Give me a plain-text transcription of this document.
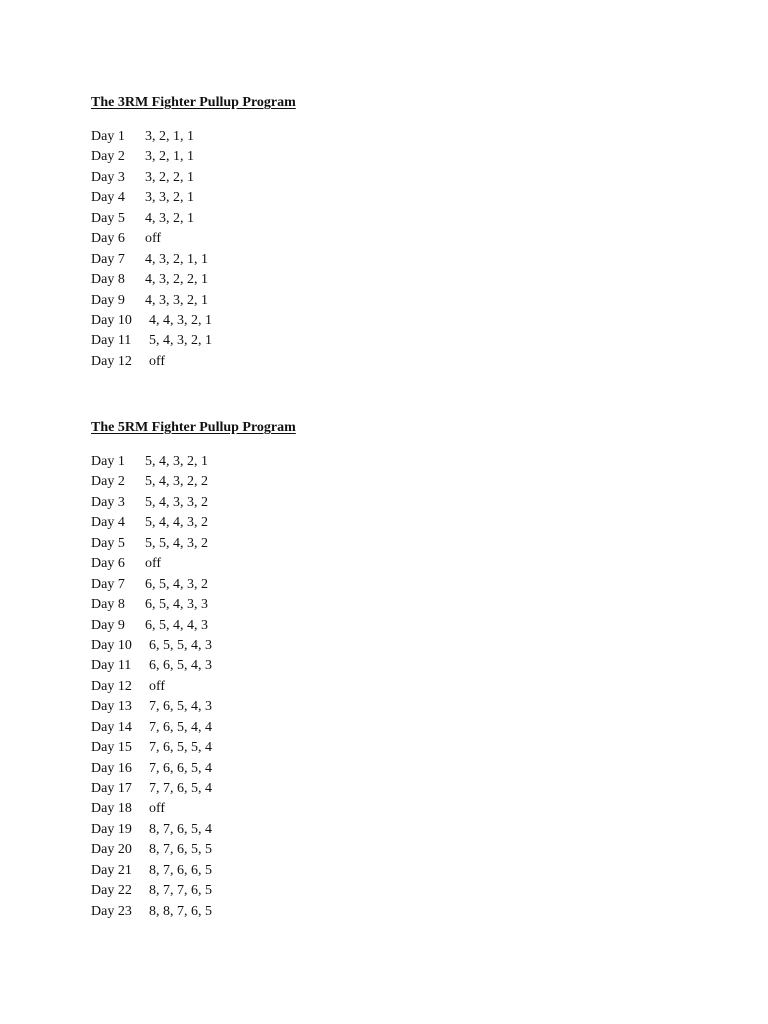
The 3RM Fighter Pullup Program
Day 1	3, 2, 1, 1
Day 2	3, 2, 1, 1
Day 3	3, 2, 2, 1
Day 4	3, 3, 2, 1
Day 5	4, 3, 2, 1
Day 6	off
Day 7	4, 3, 2, 1, 1
Day 8	4, 3, 2, 2, 1
Day 9	4, 3, 3, 2, 1
Day 10	4, 4, 3, 2, 1
Day 11	5, 4, 3, 2, 1
Day 12	off
The 5RM Fighter Pullup Program
Day 1	5, 4, 3, 2, 1
Day 2	5, 4, 3, 2, 2
Day 3	5, 4, 3, 3, 2
Day 4	5, 4, 4, 3, 2
Day 5	5, 5, 4, 3, 2
Day 6	off
Day 7	6, 5, 4, 3, 2
Day 8	6, 5, 4, 3, 3
Day 9	6, 5, 4, 4, 3
Day 10	6, 5, 5, 4, 3
Day 11	6, 6, 5, 4, 3
Day 12	off
Day 13	7, 6, 5, 4, 3
Day 14	7, 6, 5, 4, 4
Day 15	7, 6, 5, 5, 4
Day 16	7, 6, 6, 5, 4
Day 17	7, 7, 6, 5, 4
Day 18	off
Day 19	8, 7, 6, 5, 4
Day 20	8, 7, 6, 5, 5
Day 21	8, 7, 6, 6, 5
Day 22	8, 7, 7, 6, 5
Day 23	8, 8, 7, 6, 5
